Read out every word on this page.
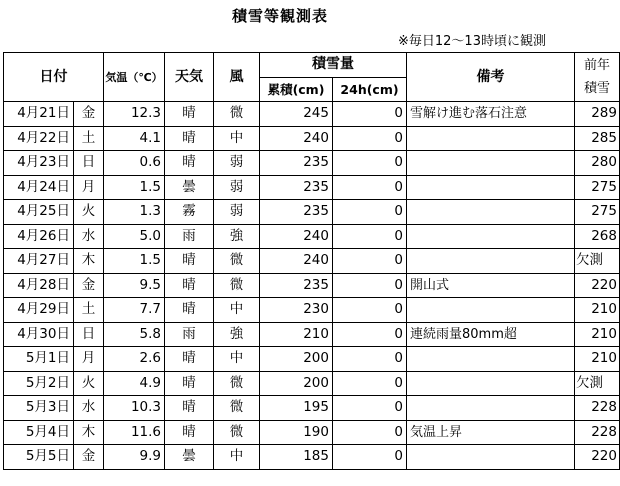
積雪等観測表
※毎日12～13時頃に観測
日付		気温（℃）	天気	風	積雪量		備考	前年
積雪
					累積(cm)	24h(cm)		
4月21日	金	12.3	晴	微	245	0	雪解け進む落石注意	289
4月22日	土	4.1	晴	中	240	0		285
4月23日	日	0.6	晴	弱	235	0		280
4月24日	月	1.5	曇	弱	235	0		275
4月25日	火	1.3	霧	弱	235	0		275
4月26日	水	5.0	雨	強	240	0		268
4月27日	木	1.5	晴	微	240	0		欠測
4月28日	金	9.5	晴	微	235	0	開山式	220
4月29日	土	7.7	晴	中	230	0		210
4月30日	日	5.8	雨	強	210	0	連続雨量80mm超	210
5月1日	月	2.6	晴	中	200	0		210
5月2日	火	4.9	晴	微	200	0		欠測
5月3日	水	10.3	晴	微	195	0		228
5月4日	木	11.6	晴	微	190	0	気温上昇	228
5月5日	金	9.9	曇	中	185	0		220
